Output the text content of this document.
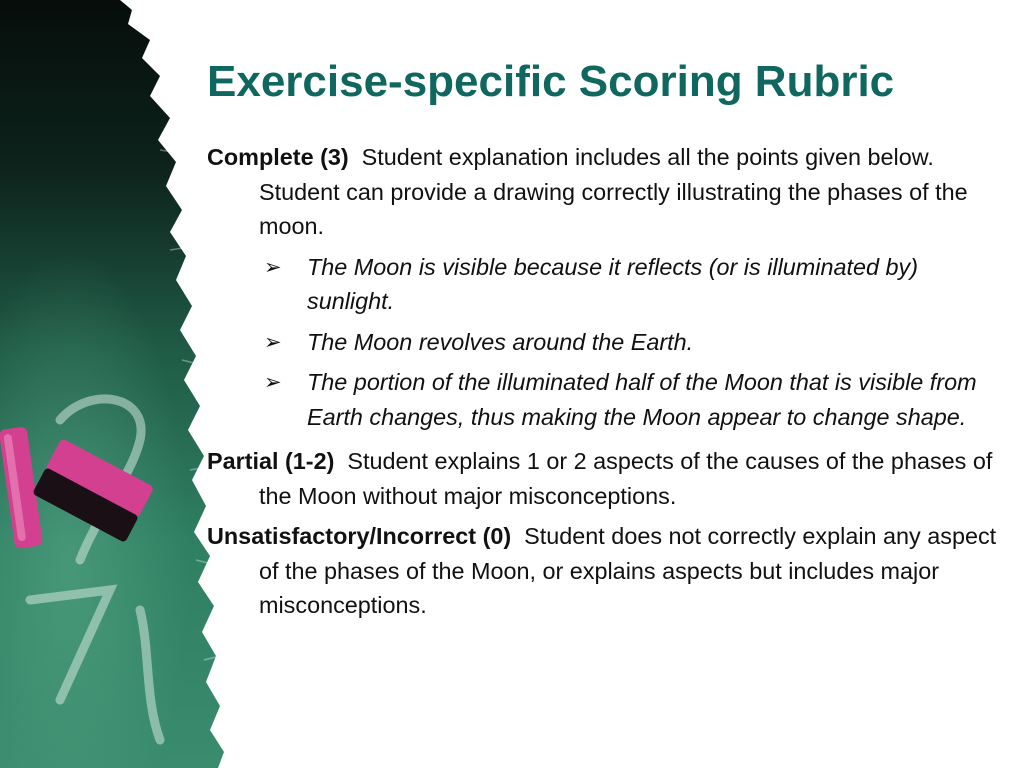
Exercise-specific Scoring Rubric

Complete (3) Student explanation includes all the points given below. Student can provide a drawing correctly illustrating the phases of the moon.

➢ The Moon is visible because it reflects (or is illuminated by) sunlight.
➢ The Moon revolves around the Earth.
➢ The portion of the illuminated half of the Moon that is visible from Earth changes, thus making the Moon appear to change shape.

Partial (1-2) Student explains 1 or 2 aspects of the causes of the phases of the Moon without major misconceptions.

Unsatisfactory/Incorrect (0) Student does not correctly explain any aspect of the phases of the Moon, or explains aspects but includes major misconceptions.
